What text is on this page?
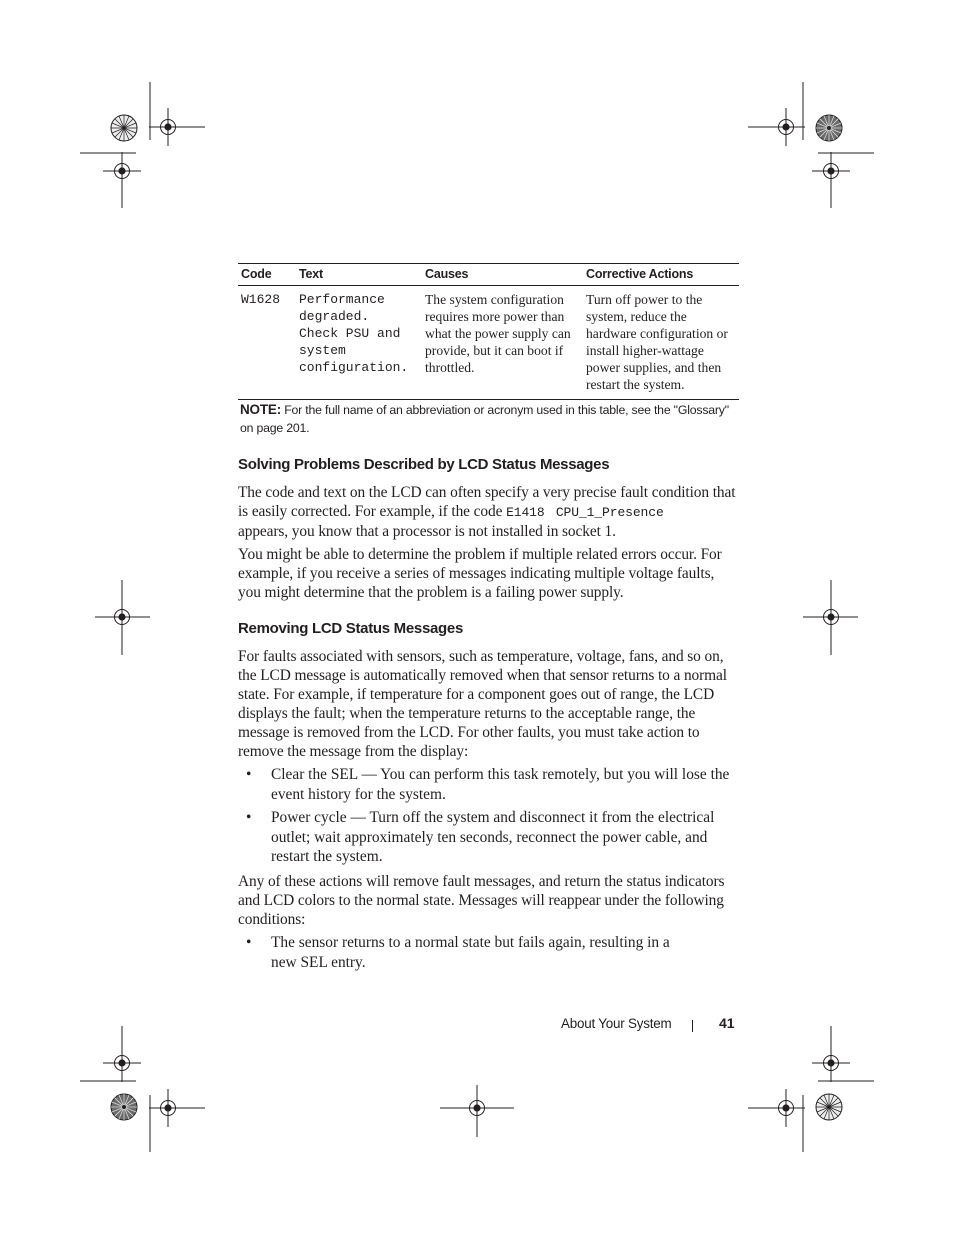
Code	Text	Causes	Corrective Actions
W1628	Performance
degraded.
Check PSU and
system
configuration.	The system configuration requires more power than what the power supply can provide, but it can boot if throttled.	Turn off power to the system, reduce the hardware configuration or install higher-wattage power supplies, and then restart the system.
NOTE: For the full name of an abbreviation or acronym used in this table, see the "Glossary" on page 201.
Solving Problems Described by LCD Status Messages

The code and text on the LCD can often specify a very precise fault condition that is easily corrected. For example, if the code E1418 CPU_1_Presence
appears, you know that a processor is not installed in socket 1.

You might be able to determine the problem if multiple related errors occur. For example, if you receive a series of messages indicating multiple voltage faults, you might determine that the problem is a failing power supply.

Removing LCD Status Messages

For faults associated with sensors, such as temperature, voltage, fans, and so on, the LCD message is automatically removed when that sensor returns to a normal state. For example, if temperature for a component goes out of range, the LCD displays the fault; when the temperature returns to the acceptable range, the message is removed from the LCD. For other faults, you must take action to remove the message from the display:

• Clear the SEL — You can perform this task remotely, but you will lose the event history for the system.
• Power cycle — Turn off the system and disconnect it from the electrical outlet; wait approximately ten seconds, reconnect the power cable, and restart the system.

Any of these actions will remove fault messages, and return the status indicators and LCD colors to the normal state. Messages will reappear under the following conditions:

• The sensor returns to a normal state but fails again, resulting in a new SEL entry.
About Your System	41
